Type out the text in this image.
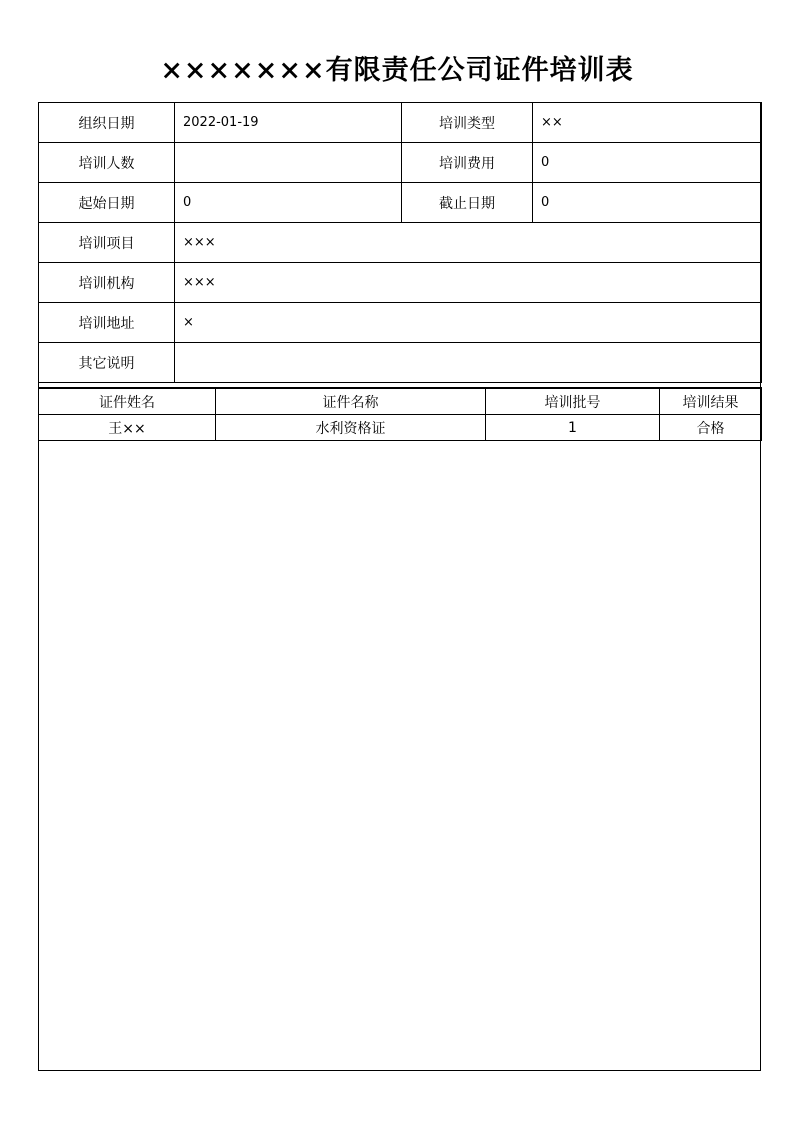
×××××××有限责任公司证件培训表
组织日期	2022-01-19	培训类型	××
培训人数		培训费用	0
起始日期	0	截止日期	0
培训项目	×××		
培训机构	×××		
培训地址	×		
其它说明			
证件姓名	证件名称	培训批号	培训结果
王××	水利资格证	1	合格
